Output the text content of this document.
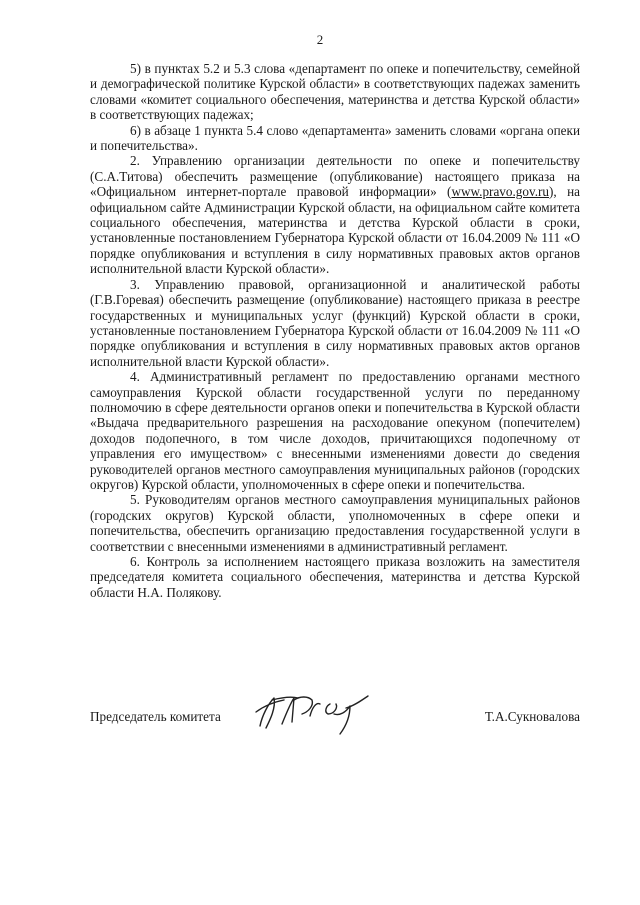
2

5) в пунктах 5.2 и 5.3 слова «департамент по опеке и попечительству, семейной и демографической политике Курской области» в соответствующих падежах заменить словами «комитет социального обеспечения, материнства и детства Курской области» в соответствующих падежах;

6) в абзаце 1 пункта 5.4 слово «департамента» заменить словами «органа опеки и попечительства».

2. Управлению организации деятельности по опеке и попечительству (С.А.Титова) обеспечить размещение (опубликование) настоящего приказа на «Официальном интернет-портале правовой информации» (www.pravo.gov.ru), на официальном сайте Администрации Курской области, на официальном сайте комитета социального обеспечения, материнства и детства Курской области в сроки, установленные постановлением Губернатора Курской области от 16.04.2009 № 111 «О порядке опубликования и вступления в силу нормативных правовых актов органов исполнительной власти Курской области».

3. Управлению правовой, организационной и аналитической работы (Г.В.Горевая) обеспечить размещение (опубликование) настоящего приказа в реестре государственных и муниципальных услуг (функций) Курской области в сроки, установленные постановлением Губернатора Курской области от 16.04.2009 № 111 «О порядке опубликования и вступления в силу нормативных правовых актов органов исполнительной власти Курской области».

4. Административный регламент по предоставлению органами местного самоуправления Курской области государственной услуги по переданному полномочию в сфере деятельности органов опеки и попечительства в Курской области «Выдача предварительного разрешения на расходование опекуном (попечителем) доходов подопечного, в том числе доходов, причитающихся подопечному от управления его имуществом» с внесенными изменениями довести до сведения руководителей органов местного самоуправления муниципальных районов (городских округов) Курской области, уполномоченных в сфере опеки и попечительства.

5. Руководителям органов местного самоуправления муниципальных районов (городских округов) Курской области, уполномоченных в сфере опеки и попечительства, обеспечить организацию предоставления государственной услуги в соответствии с внесенными изменениями в административный регламент.

6. Контроль за исполнением настоящего приказа возложить на заместителя председателя комитета социального обеспечения, материнства и детства Курской области Н.А. Полякову.

Председатель комитета	Т.А.Сукновалова
